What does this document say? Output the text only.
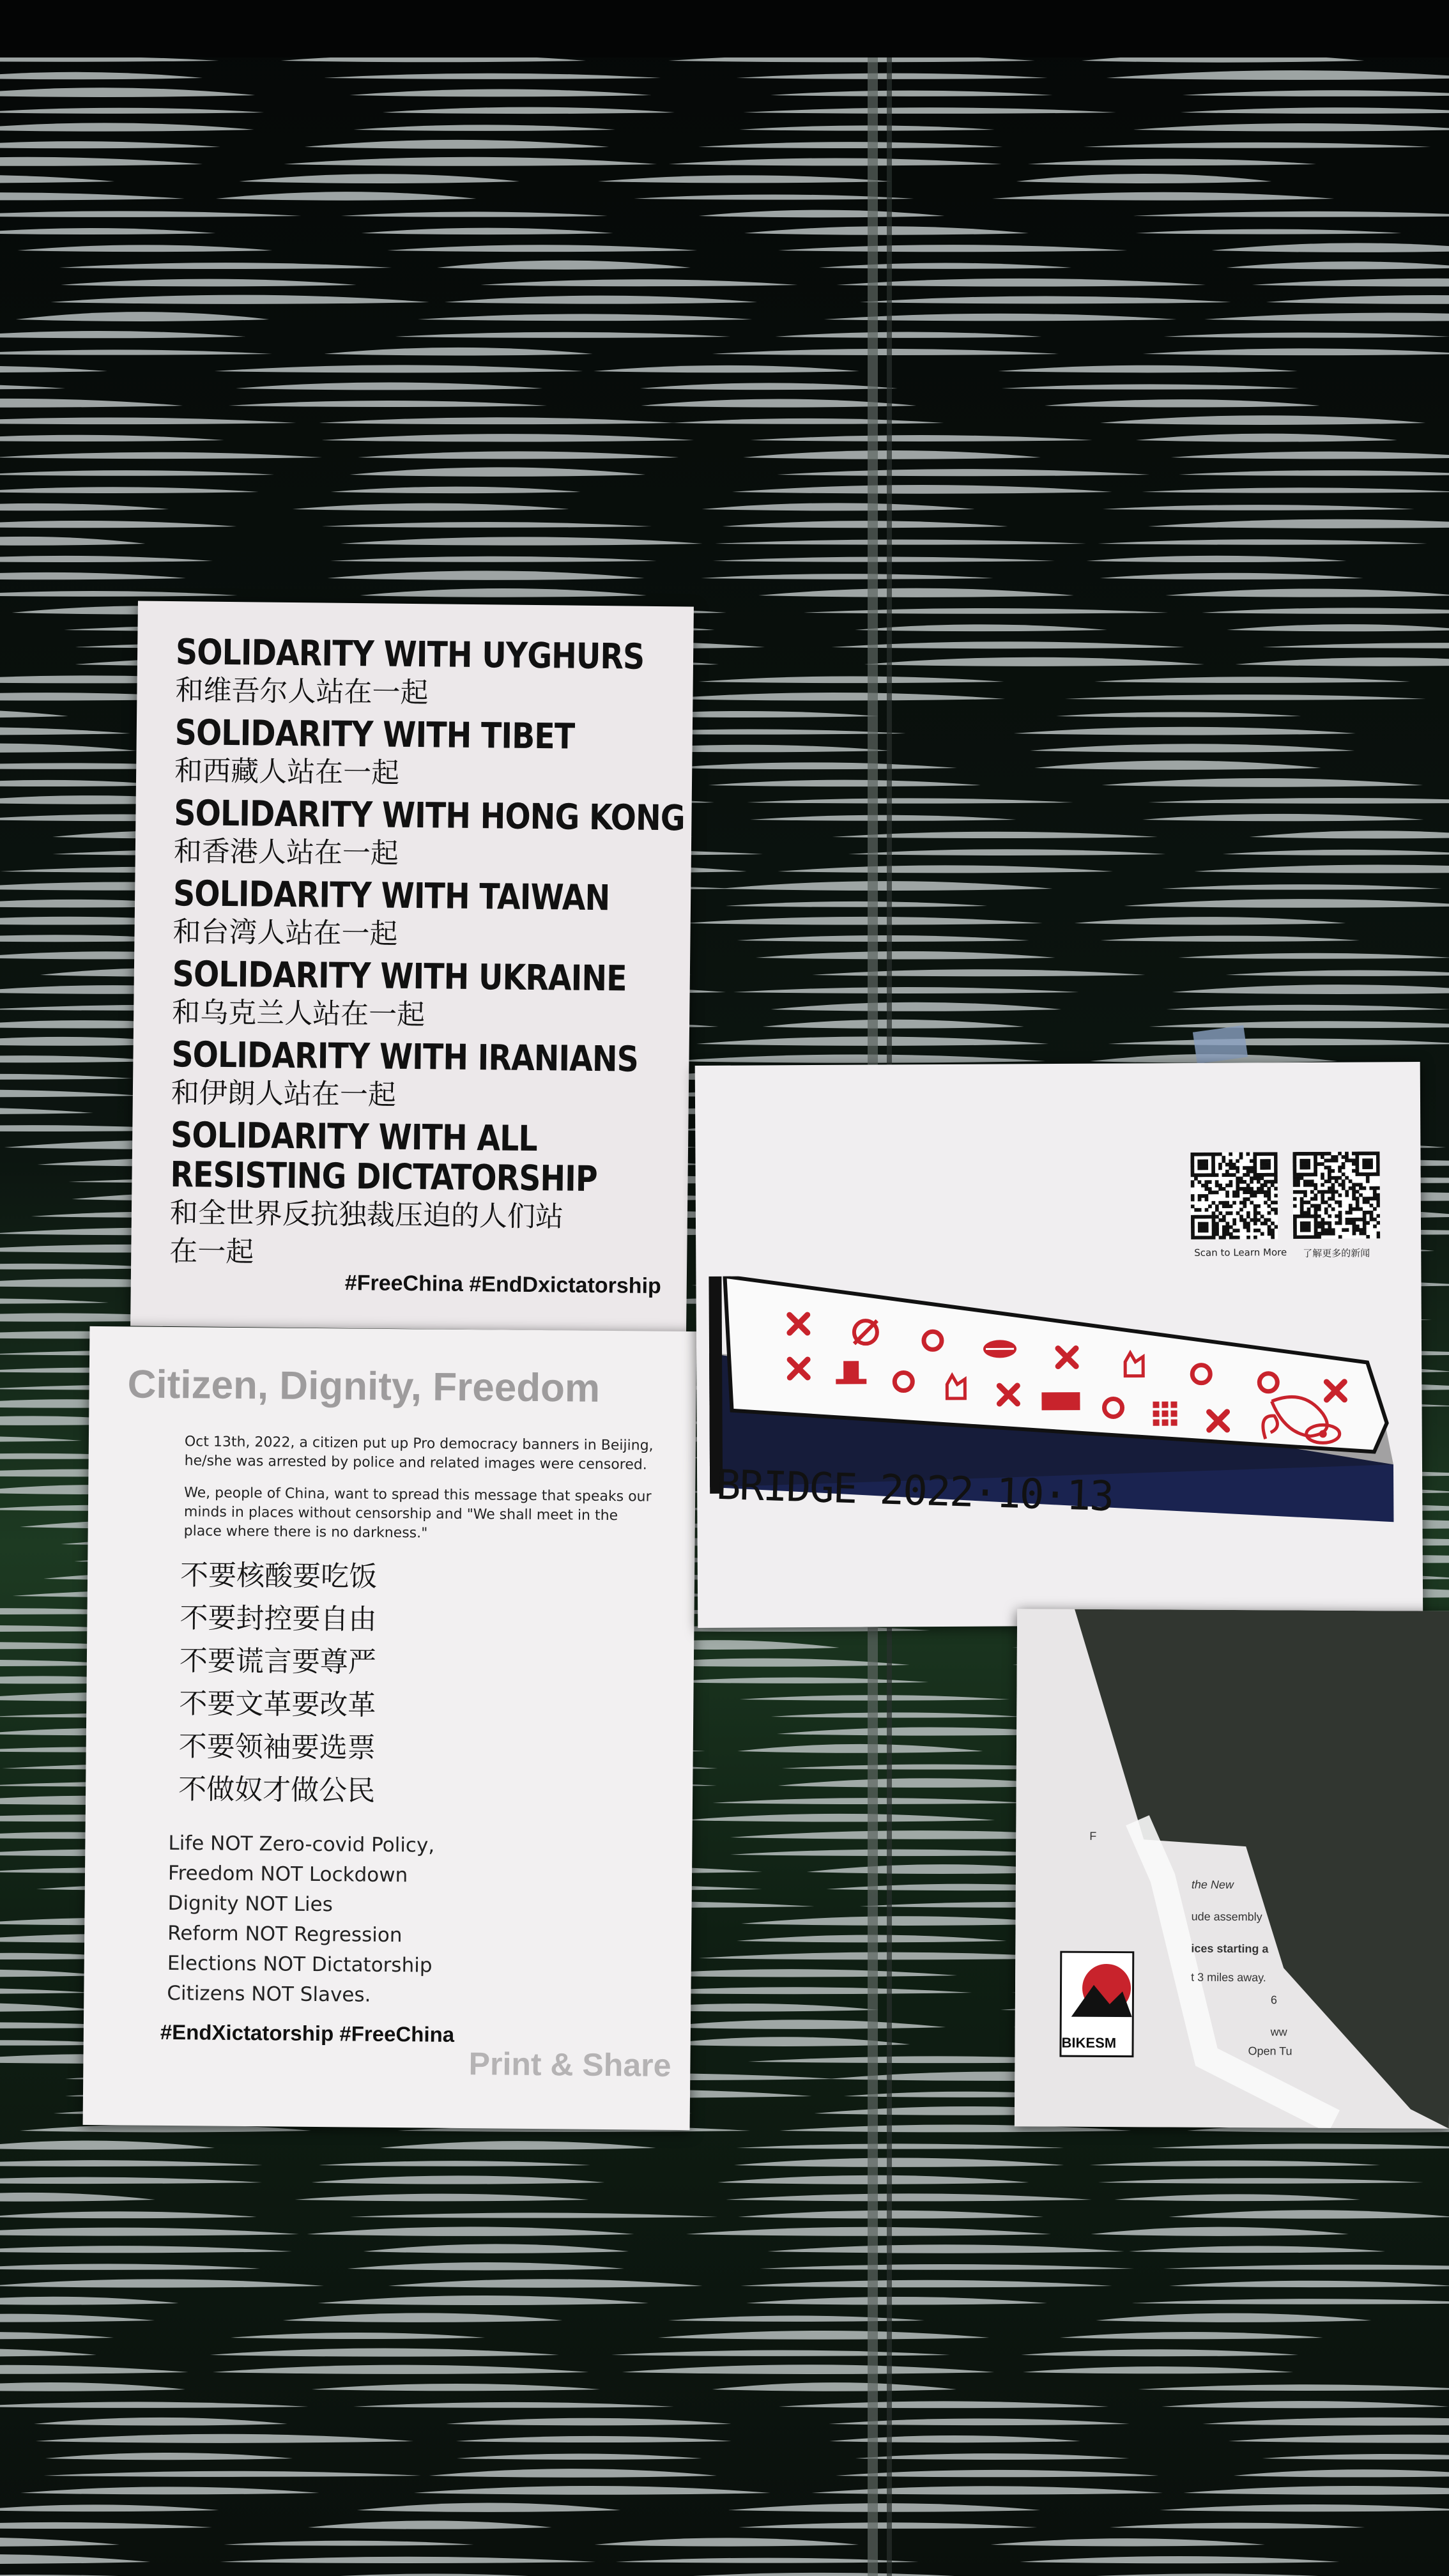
SOLIDARITY WITH UYGHURS
和维吾尔人站在一起
SOLIDARITY WITH TIBET
和西藏人站在一起
SOLIDARITY WITH HONG KONG
和香港人站在一起
SOLIDARITY WITH TAIWAN
和台湾人站在一起
SOLIDARITY WITH UKRAINE
和乌克兰人站在一起
SOLIDARITY WITH IRANIANS
和伊朗人站在一起
SOLIDARITY WITH ALL
RESISTING DICTATORSHIP
和全世界反抗独裁压迫的人们站
在一起
#FreeChina #EndDxictatorship
Citizen, Dignity, Freedom
Oct 13th, 2022, a citizen put up Pro democracy banners in Beijing, he/she was arrested by police and related images were censored.
We, people of China, want to spread this message that speaks our minds in places without censorship and "We shall meet in the place where there is no darkness."
不要核酸要吃饭
不要封控要自由
不要谎言要尊严
不要文革要改革
不要领袖要选票
不做奴才做公民
Life NOT Zero-covid Policy,
Freedom NOT Lockdown
Dignity NOT Lies
Reform NOT Regression
Elections NOT Dictatorship
Citizens NOT Slaves.
#EndXictatorship #FreeChina
Print & Share
Scan to Learn More 了解更多的新闻
BRIDGE 2022·10·13
F
the New
ude assembly
ices starting a
t 3 miles away.
6
ww
Open Tu
BIKESM
